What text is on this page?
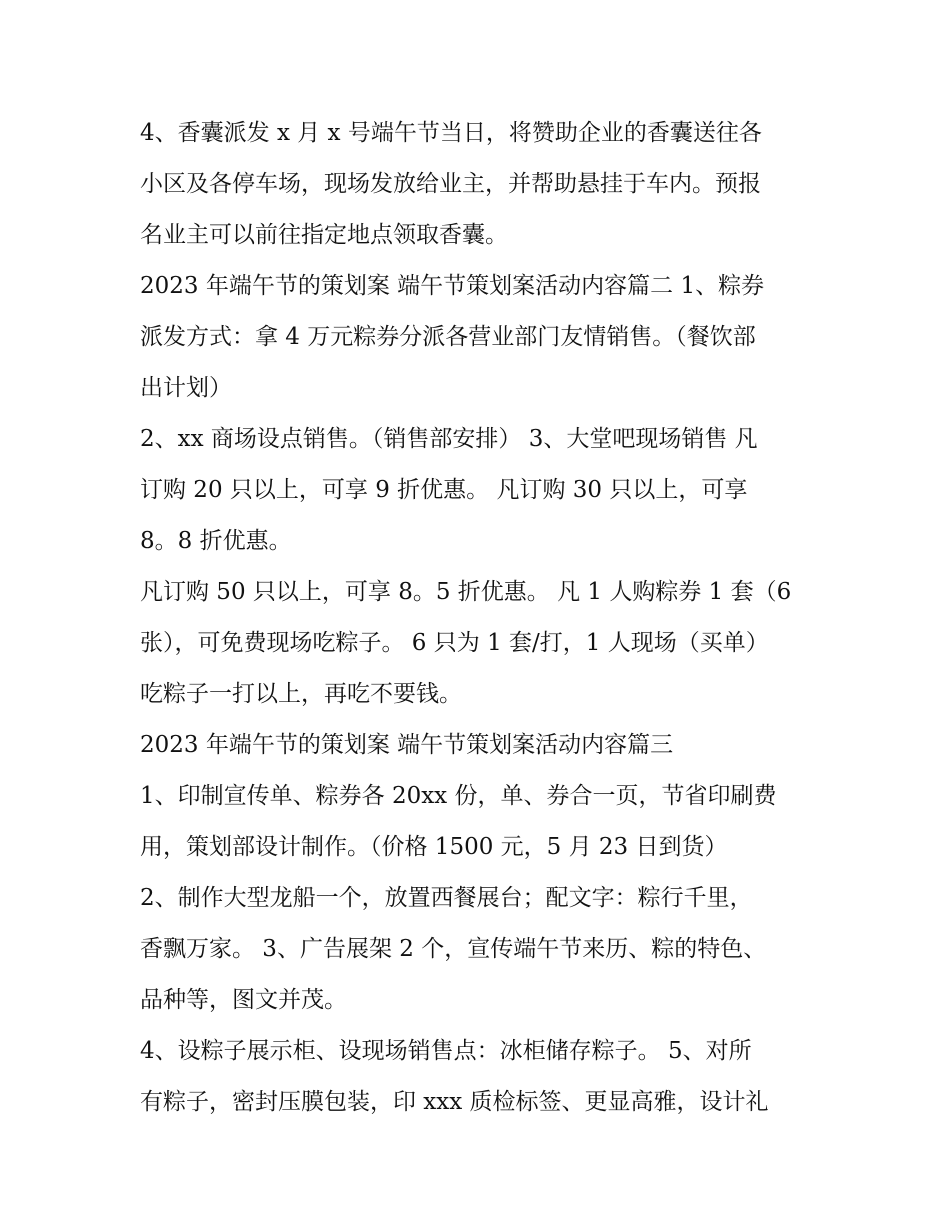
4、香囊派发 x 月 x 号端午节当日，将赞助企业的香囊送往各
小区及各停车场，现场发放给业主，并帮助悬挂于车内。预报
名业主可以前往指定地点领取香囊。
2023 年端午节的策划案 端午节策划案活动内容篇二 1、粽券
派发方式：拿 4 万元粽券分派各营业部门友情销售。（餐饮部
出计划）
2、xx 商场设点销售。（销售部安排） 3、大堂吧现场销售 凡
订购 20 只以上，可享 9 折优惠。 凡订购 30 只以上，可享
8。8 折优惠。
凡订购 50 只以上，可享 8。5 折优惠。 凡 1 人购粽券 1 套（6
张），可免费现场吃粽子。 6 只为 1 套/打，1 人现场（买单）
吃粽子一打以上，再吃不要钱。
2023 年端午节的策划案 端午节策划案活动内容篇三
1、印制宣传单、粽券各 20xx 份，单、券合一页，节省印刷费
用，策划部设计制作。（价格 1500 元，5 月 23 日到货）
2、制作大型龙船一个，放置西餐展台；配文字：粽行千里，
香飘万家。 3、广告展架 2 个，宣传端午节来历、粽的特色、
品种等，图文并茂。
4、设粽子展示柜、设现场销售点：冰柜储存粽子。 5、对所
有粽子，密封压膜包装，印 xxx 质检标签、更显高雅，设计礼
